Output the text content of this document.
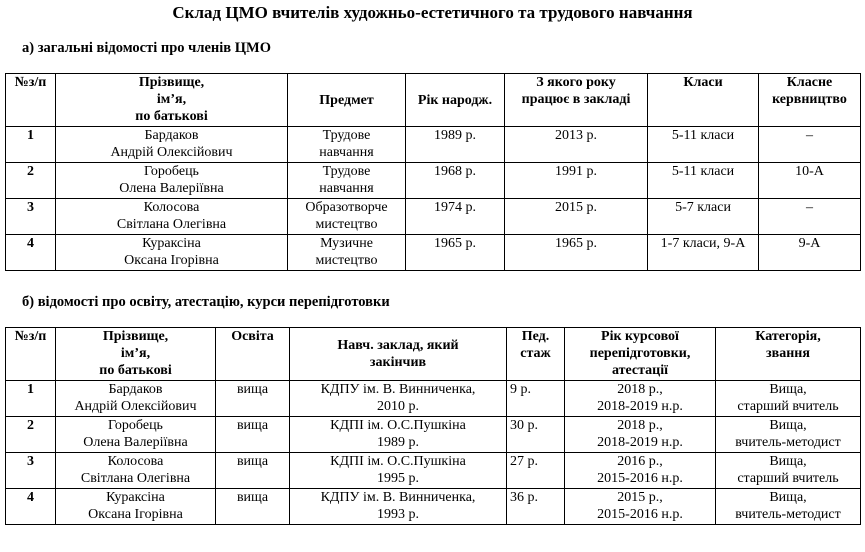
Склад ЦМО вчителів художньо-естетичного та трудового навчання
а) загальні відомості про членів ЦМО
№з/п	Прізвище,
ім’я,
по батькові	Предмет	Рік народж.	З якого року
працює в закладі	Класи	Класне
кервництво
1	Бардаков
Андрій Олексійович	Трудове
навчання	1989 р.	2013 р.	5-11 класи	–
2	Горобець
Олена Валеріївна	Трудове
навчання	1968 р.	1991 р.	5-11 класи	10-А
3	Колосова
Світлана Олегівна	Образотворче
мистецтво	1974 р.	2015 р.	5-7 класи	–
4	Кураксіна
Оксана Ігорівна	Музичне
мистецтво	1965 р.	1965 р.	1-7 класи, 9-А	9-А
б) відомості про освіту, атестацію, курси перепідготовки
№з/п	Прізвище,
ім’я,
по батькові	Освіта	Навч. заклад, який
закінчив	Пед.
стаж	Рік курсової
перепідготовки,
атестації	Категорія,
звання
1	Бардаков
Андрій Олексійович	вища	КДПУ ім. В. Винниченка,
2010 р.	9 р.	2018 р.,
2018-2019 н.р.	Вища,
старший вчитель
2	Горобець
Олена Валеріївна	вища	КДПІ ім. О.С.Пушкіна
1989 р.	30 р.	2018 р.,
2018-2019 н.р.	Вища,
вчитель-методист
3	Колосова
Світлана Олегівна	вища	КДПІ ім. О.С.Пушкіна
1995 р.	27 р.	2016 р.,
2015-2016 н.р.	Вища,
старший вчитель
4	Кураксіна
Оксана Ігорівна	вища	КДПУ ім. В. Винниченка,
1993 р.	36 р.	2015 р.,
2015-2016 н.р.	Вища,
вчитель-методист
